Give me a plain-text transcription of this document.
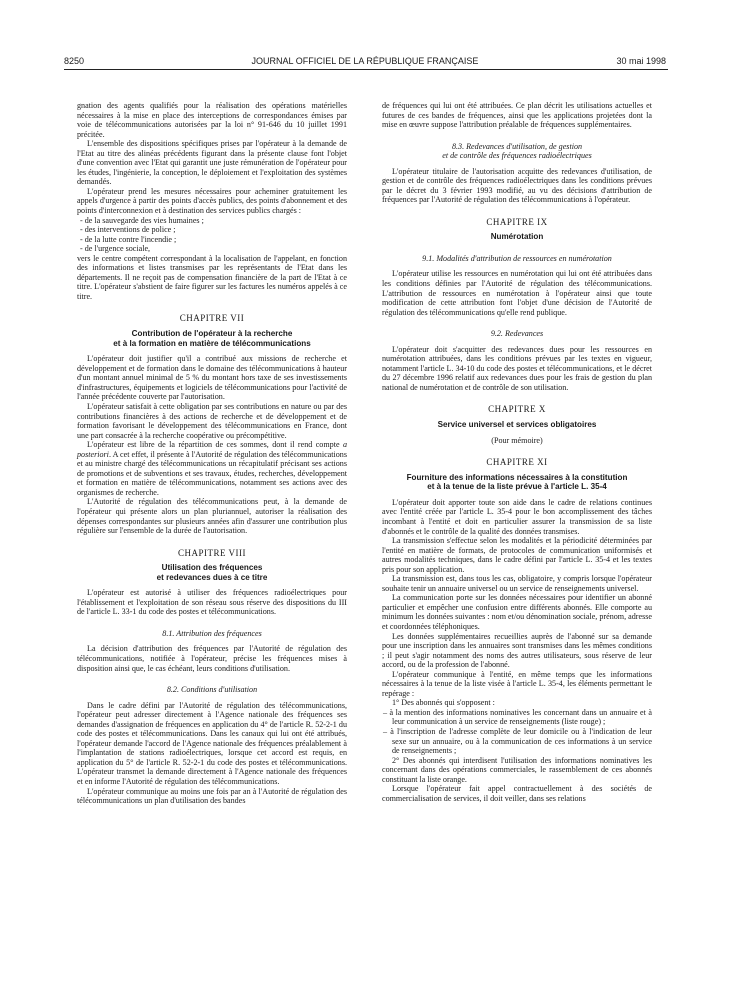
8250	JOURNAL OFFICIEL DE LA RÉPUBLIQUE FRANÇAISE	30 mai 1998

gnation des agents qualifiés pour la réalisation des opérations matérielles nécessaires à la mise en place des interceptions de correspondances émises par voie de télécommunications autorisées par la loi n° 91-646 du 10 juillet 1991 précitée.

L'ensemble des dispositions spécifiques prises par l'opérateur à la demande de l'Etat au titre des alinéas précédents figurant dans la présente clause font l'objet d'une convention avec l'Etat qui garantit une juste rémunération de l'opérateur pour les études, l'ingénierie, la conception, le déploiement et l'exploitation des systèmes demandés.

L'opérateur prend les mesures nécessaires pour acheminer gratuitement les appels d'urgence à partir des points d'accès publics, des points d'abonnement et des points d'interconnexion et à destination des services publics chargés :

- de la sauvegarde des vies humaines ;
- des interventions de police ;
- de la lutte contre l'incendie ;
- de l'urgence sociale,

vers le centre compétent correspondant à la localisation de l'appelant, en fonction des informations et listes transmises par les représentants de l'Etat dans les départements. Il ne reçoit pas de compensation financière de la part de l'Etat à ce titre. L'opérateur s'abstient de faire figurer sur les factures les numéros appelés à ce titre.

CHAPITRE VII
Contribution de l'opérateur à la recherche
et à la formation en matière de télécommunications

L'opérateur doit justifier qu'il a contribué aux missions de recherche et développement et de formation dans le domaine des télécommunications à hauteur d'un montant annuel minimal de 5 % du montant hors taxe de ses investissements d'infrastructures, équipements et logiciels de télécommunications pour l'activité de l'année précédente couverte par l'autorisation.

L'opérateur satisfait à cette obligation par ses contributions en nature ou par des contributions financières à des actions de recherche et de développement et de formation favorisant le développement des télécommunications en France, dont une part consacrée à la recherche coopérative ou précompétitive.

L'opérateur est libre de la répartition de ces sommes, dont il rend compte a posteriori. A cet effet, il présente à l'Autorité de régulation des télécommunications et au ministre chargé des télécommunications un récapitulatif précisant ses actions de promotions et de subventions et ses travaux, études, recherches, développement et formation en matière de télécommunications, notamment ses actions avec des organismes de recherche.

L'Autorité de régulation des télécommunications peut, à la demande de l'opérateur qui présente alors un plan pluriannuel, autoriser la réalisation des dépenses correspondantes sur plusieurs années afin d'assurer une contribution plus régulière sur l'ensemble de la durée de l'autorisation.

CHAPITRE VIII
Utilisation des fréquences
et redevances dues à ce titre

L'opérateur est autorisé à utiliser des fréquences radioélectriques pour l'établissement et l'exploitation de son réseau sous réserve des dispositions du III de l'article L. 33-1 du code des postes et télécommunications.

8.1. Attribution des fréquences

La décision d'attribution des fréquences par l'Autorité de régulation des télécommunications, notifiée à l'opérateur, précise les fréquences mises à disposition ainsi que, le cas échéant, leurs conditions d'utilisation.

8.2. Conditions d'utilisation

Dans le cadre défini par l'Autorité de régulation des télécommunications, l'opérateur peut adresser directement à l'Agence nationale des fréquences ses demandes d'assignation de fréquences en application du 4° de l'article R. 52-2-1 du code des postes et télécommunications. Dans les canaux qui lui ont été attribués, l'opérateur demande l'accord de l'Agence nationale des fréquences préalablement à l'implantation de stations radioélectriques, lorsque cet accord est requis, en application du 5° de l'article R. 52-2-1 du code des postes et télécommunications. L'opérateur transmet la demande directement à l'Agence nationale des fréquences et en informe l'Autorité de régulation des télécommunications.

L'opérateur communique au moins une fois par an à l'Autorité de régulation des télécommunications un plan d'utilisation des bandes

de fréquences qui lui ont été attribuées. Ce plan décrit les utilisations actuelles et futures de ces bandes de fréquences, ainsi que les applications projetées dont la mise en œuvre suppose l'attribution préalable de fréquences supplémentaires.

8.3. Redevances d'utilisation, de gestion
et de contrôle des fréquences radioélectriques

L'opérateur titulaire de l'autorisation acquitte des redevances d'utilisation, de gestion et de contrôle des fréquences radioélectriques dans les conditions prévues par le décret du 3 février 1993 modifié, au vu des décisions d'attribution de fréquences par l'Autorité de régulation des télécommunications à l'opérateur.

CHAPITRE IX
Numérotation
9.1. Modalités d'attribution de ressources en numérotation

L'opérateur utilise les ressources en numérotation qui lui ont été attribuées dans les conditions définies par l'Autorité de régulation des télécommunications. L'attribution de ressources en numérotation à l'opérateur ainsi que toute modification de cette attribution font l'objet d'une décision de l'Autorité de régulation des télécommunications qu'elle rend publique.

9.2. Redevances

L'opérateur doit s'acquitter des redevances dues pour les ressources en numérotation attribuées, dans les conditions prévues par les textes en vigueur, notamment l'article L. 34-10 du code des postes et télécommunications, et le décret du 27 décembre 1996 relatif aux redevances dues pour les frais de gestion du plan national de numérotation et de contrôle de son utilisation.

CHAPITRE X
Service universel et services obligatoires
(Pour mémoire)
CHAPITRE XI
Fourniture des informations nécessaires à la constitution
et à la tenue de la liste prévue à l'article L. 35-4

L'opérateur doit apporter toute son aide dans le cadre de relations continues avec l'entité créée par l'article L. 35-4 pour le bon accomplissement des tâches incombant à l'entité et doit en particulier assurer la transmission de sa liste d'abonnés et le contrôle de la qualité des données transmises.

La transmission s'effectue selon les modalités et la périodicité déterminées par l'entité en matière de formats, de protocoles de communication uniformisés et autres modalités techniques, dans le cadre défini par l'article L. 35-4 et les textes pris pour son application.

La transmission est, dans tous les cas, obligatoire, y compris lorsque l'opérateur souhaite tenir un annuaire universel ou un service de renseignements universel.

La communication porte sur les données nécessaires pour identifier un abonné particulier et empêcher une confusion entre différents abonnés. Elle comporte au minimum les données suivantes : nom et/ou dénomination sociale, prénom, adresse et coordonnées téléphoniques.

Les données supplémentaires recueillies auprès de l'abonné sur sa demande pour une inscription dans les annuaires sont transmises dans les mêmes conditions ; il peut s'agir notamment des noms des autres utilisateurs, sous réserve de leur accord, ou de la profession de l'abonné.

L'opérateur communique à l'entité, en même temps que les informations nécessaires à la tenue de la liste visée à l'article L. 35-4, les éléments permettant le repérage :

1° Des abonnés qui s'opposent :

– à la mention des informations nominatives les concernant dans un annuaire et à leur communication à un service de renseignements (liste rouge) ;
– à l'inscription de l'adresse complète de leur domicile ou à l'indication de leur sexe sur un annuaire, ou à la communication de ces informations à un service de renseignements ;

2° Des abonnés qui interdisent l'utilisation des informations nominatives les concernant dans des opérations commerciales, le rassemblement de ces abonnés constituant la liste orange.

Lorsque l'opérateur fait appel contractuellement à des sociétés de commercialisation de services, il doit veiller, dans ses relations
